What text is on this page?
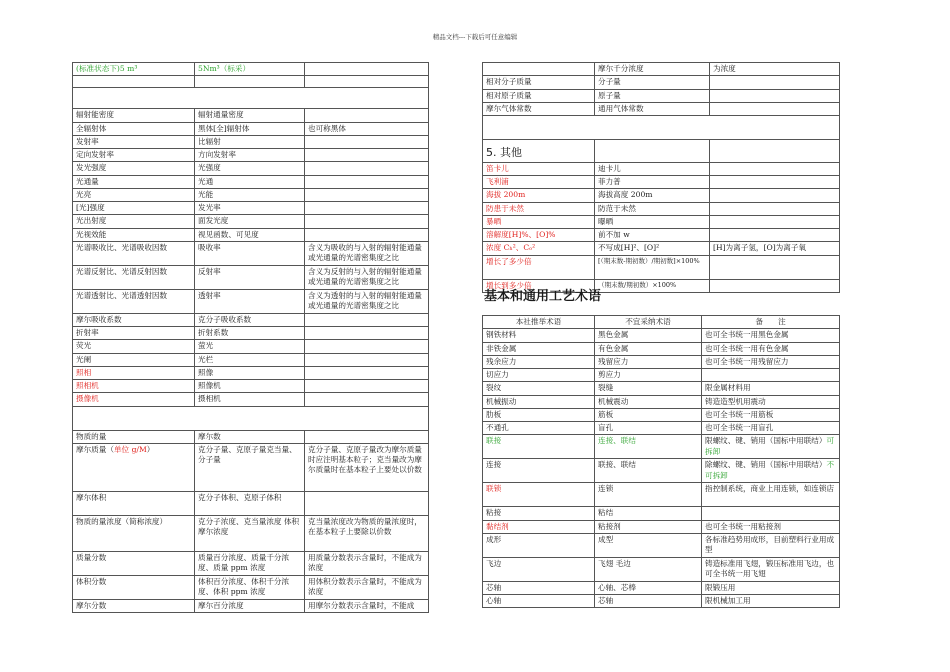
精品文档---下载后可任意编辑
(标准状态下)5 m³	5Nm³（标采）	

辐射能密度	辐射通量密度	
全辐射体	黑体[全]辐射体	也可称黑体
发射率	比辐射	
定向发射率	方向发射率	
发光强度	光强度	
光通量	光通	
光亮	光能	
[光]强度	发光率	
光出射度	面发光度	
光视效能	视见函数、可见度	
光谱吸收比、光谱吸收因数	吸收率	含义为吸收的与入射的辐射能通量或光通量的光谱密集度之比
光谱反射比、光谱反射因数	反射率	含义为反射的与入射的辐射能通量或光通量的光谱密集度之比
光谱透射比、光谱透射因数	透射率	含义为透射的与入射的辐射能通量或光通量的光谱密集度之比
摩尔吸收系数	克分子吸收系数	
折射率	折射系数	
荧光	萤光	
光阑	光栏	
照相	照像	
照相机	照像机	
摄像机	摄相机	

物质的量	摩尔数	
摩尔质量（单位 g/M）	克分子量、克原子量克当量、分子量	克分子量、克原子量改为摩尔质量时应注明基本粒子；克当量改为摩尔质量时在基本粒子上要处以价数
摩尔体积	克分子体积、克原子体积	
物质的量浓度（简称浓度）	克分子浓度、克当量浓度 体积摩尔浓度	克当量浓度改为物质的量浓度时，在基本粒子上要除以价数
质量分数	质量百分浓度、质量千分浓度、质量 ppm 浓度	用质量分数表示含量时，不能成为浓度
体积分数	体积百分浓度、体积千分浓度、体积 ppm 浓度	用体积分数表示含量时，不能成为浓度
摩尔分数	摩尔百分浓度	用摩尔分数表示含量时，不能成
	摩尔千分浓度	为浓度
相对分子质量	分子量	
相对原子质量	原子量	
摩尔气体常数	通用气体常数	

5. 其他		
笛卡儿	迪卡儿	
飞利浦	菲力普	
海拔 200m	海拔高度 200m	
防患于未然	防范于未然	
暴晒	曝晒	
溶解度[H]%、[O]%	前不加 w	
浓度 Cₕ²、Cₒ²	不写成[H]²、[O]²	[H]为离子氢，[O]为离子氧
增长了多少倍	[（期末数-期初数）/期初数]×100%	
增长到多少倍	（期末数/期初数）×100%	
基本和通用工艺术语
本社推举术语	不宜采纳术语	备　　注
钢铁材料	黑色金属	也可全书统一用黑色金属
非铁金属	有色金属	也可全书统一用有色金属
残余应力	残留应力	也可全书统一用残留应力
切应力	剪应力	
裂纹	裂缝	限金属材料用
机械振动	机械震动	铸造造型机用震动
肋板	筋板	也可全书统一用筋板
不通孔	盲孔	也可全书统一用盲孔
联接	连接、联结	限螺纹、键、销用（国标中用联结）可拆卸
连接	联接、联结	除螺纹、键、销用（国标中用联结）不可拆卸
联锁	连锁	指控制系统，商业上用连锁，如连锁店
粘接	粘结	
黏结剂	粘接剂	也可全书统一用粘接剂
成形	成型	各标准趋势用成形，目前塑料行业用成型
飞边	飞翅 毛边	铸造标准用飞翅，锻压标准用飞边，也可全书统一用飞翅
芯轴	心轴、芯棒	限锻压用
心轴	芯轴	限机械加工用
